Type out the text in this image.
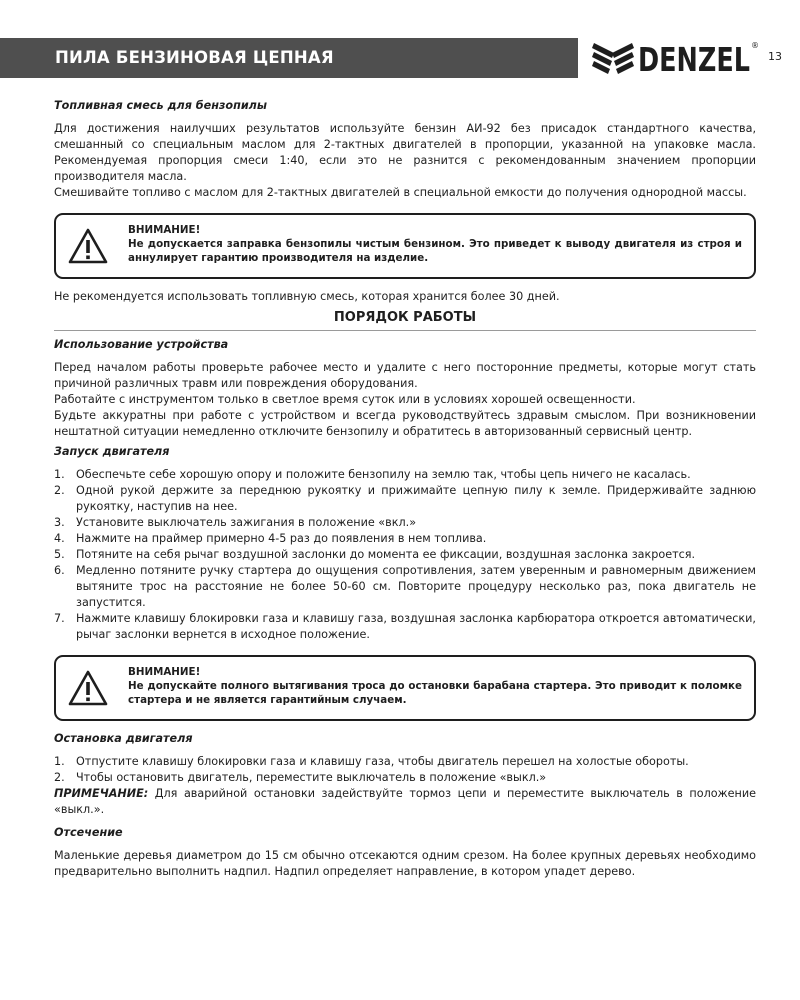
ПИЛА БЕНЗИНОВАЯ ЦЕПНАЯ	DENZEL ®
13

Топливная смесь для бензопилы

Для достижения наилучших результатов используйте бензин АИ-92 без присадок стандартного качества, смешанный со специальным маслом для 2-тактных двигателей в пропорции, указанной на упаковке масла. Рекомендуемая пропорция смеси 1:40, если это не разнится с рекомендованным значением пропорции производителя масла.

Смешивайте топливо с маслом для 2-тактных двигателей в специальной емкости до получения однородной массы.

ВНИМАНИЕ!
Не допускается заправка бензопилы чистым бензином. Это приведет к выводу двигателя из строя и аннулирует гарантию производителя на изделие.

Не рекомендуется использовать топливную смесь, которая хранится более 30 дней.

ПОРЯДОК РАБОТЫ

Использование устройства

Перед началом работы проверьте рабочее место и удалите с него посторонние предметы, которые могут стать причиной различных травм или повреждения оборудования.

Работайте с инструментом только в светлое время суток или в условиях хорошей освещенности.

Будьте аккуратны при работе с устройством и всегда руководствуйтесь здравым смыслом. При возникновении нештатной ситуации немедленно отключите бензопилу и обратитесь в авторизованный сервисный центр.

Запуск двигателя

1. Обеспечьте себе хорошую опору и положите бензопилу на землю так, чтобы цепь ничего не касалась.
2. Одной рукой держите за переднюю рукоятку и прижимайте цепную пилу к земле. Придерживайте заднюю рукоятку, наступив на нее.
3. Установите выключатель зажигания в положение «вкл.»
4. Нажмите на праймер примерно 4-5 раз до появления в нем топлива.
5. Потяните на себя рычаг воздушной заслонки до момента ее фиксации, воздушная заслонка закроется.
6. Медленно потяните ручку стартера до ощущения сопротивления, затем уверенным и равномерным движением вытяните трос на расстояние не более 50-60 см. Повторите процедуру несколько раз, пока двигатель не запустится.
7. Нажмите клавишу блокировки газа и клавишу газа, воздушная заслонка карбюратора откроется автоматически, рычаг заслонки вернется в исходное положение.
ВНИМАНИЕ!
Не допускайте полного вытягивания троса до остановки барабана стартера. Это приводит к поломке стартера и не является гарантийным случаем.

Остановка двигателя

1. Отпустите клавишу блокировки газа и клавишу газа, чтобы двигатель перешел на холостые обороты.
2. Чтобы остановить двигатель, переместите выключатель в положение «выкл.»

ПРИМЕЧАНИЕ: Для аварийной остановки задействуйте тормоз цепи и переместите выключатель в положение «выкл.».

Отсечение

Маленькие деревья диаметром до 15 см обычно отсекаются одним срезом. На более крупных деревьях необходимо предварительно выполнить надпил. Надпил определяет направление, в котором упадет дерево.
